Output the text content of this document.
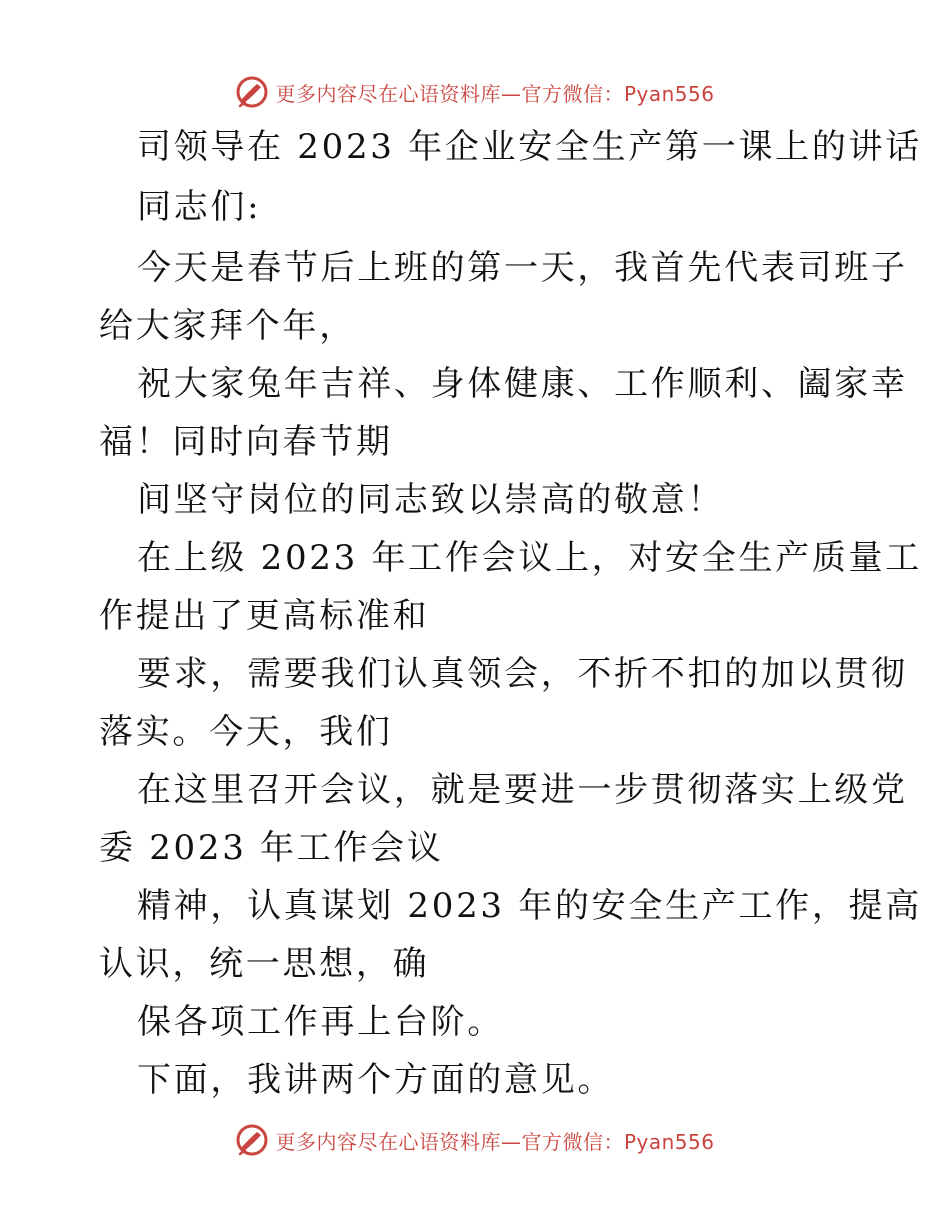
更多内容尽在心语资料库—官方微信：Pyan556
司领导在 2023 年企业安全生产第一课上的讲话
同志们:
今天是春节后上班的第一天，我首先代表司班子
给大家拜个年，
祝大家兔年吉祥、身体健康、工作顺利、阖家幸
福！同时向春节期
间坚守岗位的同志致以崇高的敬意！
在上级 2023 年工作会议上，对安全生产质量工
作提出了更高标准和
要求，需要我们认真领会，不折不扣的加以贯彻
落实。今天，我们
在这里召开会议，就是要进一步贯彻落实上级党
委 2023 年工作会议
精神，认真谋划 2023 年的安全生产工作，提高
认识，统一思想，确
保各项工作再上台阶。
下面，我讲两个方面的意见。
更多内容尽在心语资料库—官方微信：Pyan556
